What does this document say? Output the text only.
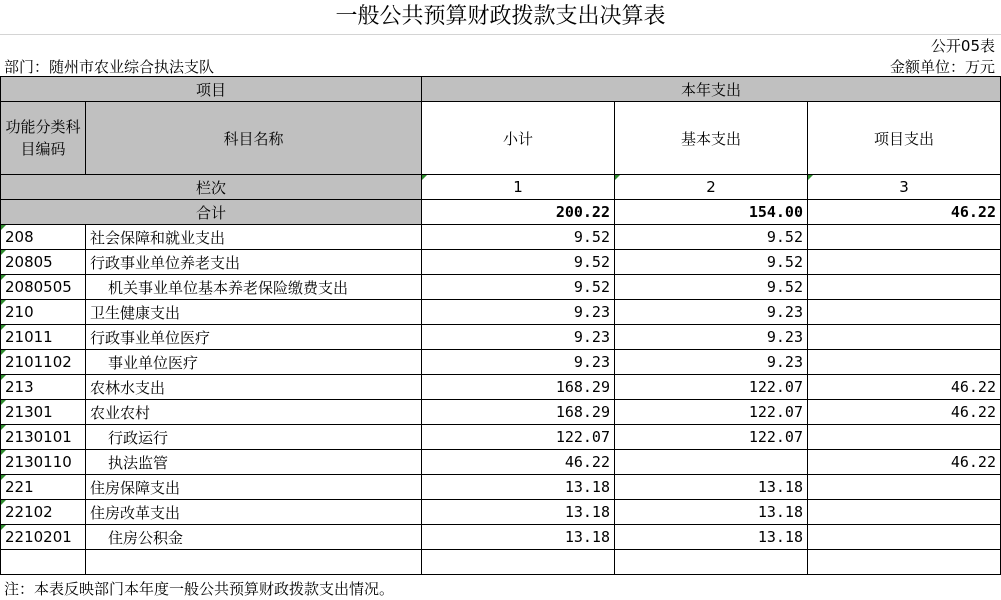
一般公共预算财政拨款支出决算表
公开05表
部门：随州市农业综合执法支队	金额单位：万元
项目		本年支出		
功能分类科目编码	科目名称	小计	基本支出	项目支出
栏次		1	2	3
合计		200.22	154.00	46.22

208	社会保障和就业支出	9.52	9.52	

20805	行政事业单位养老支出	9.52	9.52	

2080505	机关事业单位基本养老保险缴费支出	9.52	9.52	

210	卫生健康支出	9.23	9.23	

21011	行政事业单位医疗	9.23	9.23	

2101102	事业单位医疗	9.23	9.23	

213	农林水支出	168.29	122.07	46.22

21301	农业农村	168.29	122.07	46.22

2130101	行政运行	122.07	122.07	

2130110	执法监管	46.22		46.22

221	住房保障支出	13.18	13.18	

22102	住房改革支出	13.18	13.18	

2210201	住房公积金	13.18	13.18	

注：本表反映部门本年度一般公共预算财政拨款支出情况。
